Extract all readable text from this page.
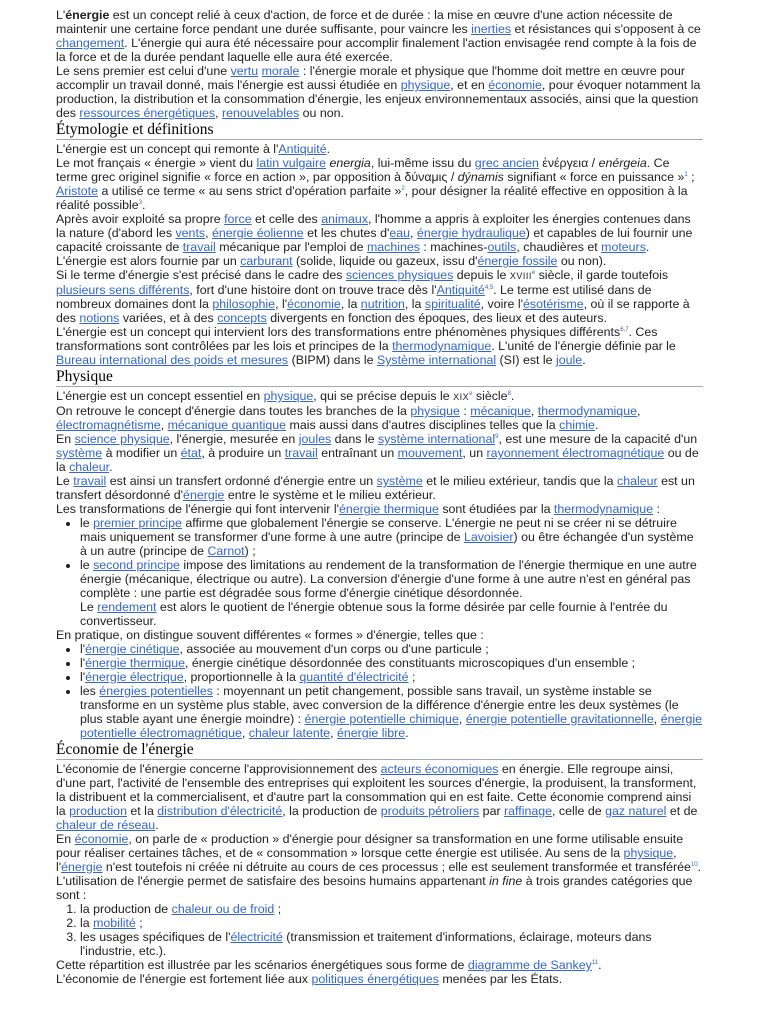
L'énergie est un concept relié à ceux d'action, de force et de durée : la mise en œuvre d'une action nécessite de maintenir une certaine force pendant une durée suffisante, pour vaincre les inerties et résistances qui s'opposent à ce changement. L'énergie qui aura été nécessaire pour accomplir finalement l'action envisagée rend compte à la fois de la force et de la durée pendant laquelle elle aura été exercée.

Le sens premier est celui d'une vertu morale : l'énergie morale et physique que l'homme doit mettre en œuvre pour accomplir un travail donné, mais l'énergie est aussi étudiée en physique, et en économie, pour évoquer notamment la production, la distribution et la consommation d'énergie, les enjeux environnementaux associés, ainsi que la question des ressources énergétiques, renouvelables ou non.

Étymologie et définitions

L'énergie est un concept qui remonte à l'Antiquité.

Le mot français « énergie » vient du latin vulgaire energia, lui-même issu du grec ancien ἐνέργεια / enérgeia. Ce terme grec originel signifie « force en action », par opposition à δύναμις / dýnamis signifiant « force en puissance »$^1$ ; Aristote a utilisé ce terme « au sens strict d'opération parfaite »$^2$, pour désigner la réalité effective en opposition à la réalité possible$^3$.

Après avoir exploité sa propre force et celle des animaux, l'homme a appris à exploiter les énergies contenues dans la nature (d'abord les vents, énergie éolienne et les chutes d'eau, énergie hydraulique) et capables de lui fournir une capacité croissante de travail mécanique par l'emploi de machines : machines-outils, chaudières et moteurs. L'énergie est alors fournie par un carburant (solide, liquide ou gazeux, issu d'énergie fossile ou non).

Si le terme d'énergie s'est précisé dans le cadre des sciences physiques depuis le XVIIIe siècle, il garde toutefois plusieurs sens différents, fort d'une histoire dont on trouve trace dès l'Antiquité$^{4,5}$. Le terme est utilisé dans de nombreux domaines dont la philosophie, l'économie, la nutrition, la spiritualité, voire l'ésotérisme, où il se rapporte à des notions variées, et à des concepts divergents en fonction des époques, des lieux et des auteurs.

L'énergie est un concept qui intervient lors des transformations entre phénomènes physiques différents$^{6,7}$. Ces transformations sont contrôlées par les lois et principes de la thermodynamique. L'unité de l'énergie définie par le Bureau international des poids et mesures (BIPM) dans le Système international (SI) est le joule.

Physique

L'énergie est un concept essentiel en physique, qui se précise depuis le XIXe siècle$^8$.

On retrouve le concept d'énergie dans toutes les branches de la physique : mécanique, thermodynamique, électromagnétisme, mécanique quantique mais aussi dans d'autres disciplines telles que la chimie.

En science physique, l'énergie, mesurée en joules dans le système international$^9$, est une mesure de la capacité d'un système à modifier un état, à produire un travail entraînant un mouvement, un rayonnement électromagnétique ou de la chaleur.

Le travail est ainsi un transfert ordonné d'énergie entre un système et le milieu extérieur, tandis que la chaleur est un transfert désordonné d'énergie entre le système et le milieu extérieur.

Les transformations de l'énergie qui font intervenir l'énergie thermique sont étudiées par la thermodynamique :

• le premier principe affirme que globalement l'énergie se conserve. L'énergie ne peut ni se créer ni se détruire mais uniquement se transformer d'une forme à une autre (principe de Lavoisier) ou être échangée d'un système à un autre (principe de Carnot) ;
• le second principe impose des limitations au rendement de la transformation de l'énergie thermique en une autre énergie (mécanique, électrique ou autre). La conversion d'énergie d'une forme à une autre n'est en général pas complète : une partie est dégradée sous forme d'énergie cinétique désordonnée.
Le rendement est alors le quotient de l'énergie obtenue sous la forme désirée par celle fournie à l'entrée du convertisseur.

En pratique, on distingue souvent différentes « formes » d'énergie, telles que :

• l'énergie cinétique, associée au mouvement d'un corps ou d'une particule ;
• l'énergie thermique, énergie cinétique désordonnée des constituants microscopiques d'un ensemble ;
• l'énergie électrique, proportionnelle à la quantité d'électricité ;
• les énergies potentielles : moyennant un petit changement, possible sans travail, un système instable se transforme en un système plus stable, avec conversion de la différence d'énergie entre les deux systèmes (le plus stable ayant une énergie moindre) : énergie potentielle chimique, énergie potentielle gravitationnelle, énergie potentielle électromagnétique, chaleur latente, énergie libre.
Économie de l'énergie

L'économie de l'énergie concerne l'approvisionnement des acteurs économiques en énergie. Elle regroupe ainsi, d'une part, l'activité de l'ensemble des entreprises qui exploitent les sources d'énergie, la produisent, la transforment, la distribuent et la commercialisent, et d'autre part la consommation qui en est faite. Cette économie comprend ainsi la production et la distribution d'électricité, la production de produits pétroliers par raffinage, celle de gaz naturel et de chaleur de réseau.

En économie, on parle de « production » d'énergie pour désigner sa transformation en une forme utilisable ensuite pour réaliser certaines tâches, et de « consommation » lorsque cette énergie est utilisée. Au sens de la physique, l'énergie n'est toutefois ni créée ni détruite au cours de ces processus ; elle est seulement transformée et transférée$^{10}$.

L'utilisation de l'énergie permet de satisfaire des besoins humains appartenant in fine à trois grandes catégories que sont :

1. la production de chaleur ou de froid ;
2. la mobilité ;
3. les usages spécifiques de l'électricité (transmission et traitement d'informations, éclairage, moteurs dans l'industrie, etc.).

Cette répartition est illustrée par les scénarios énergétiques sous forme de diagramme de Sankey$^{11}$.

L'économie de l'énergie est fortement liée aux politiques énergétiques menées par les États.
